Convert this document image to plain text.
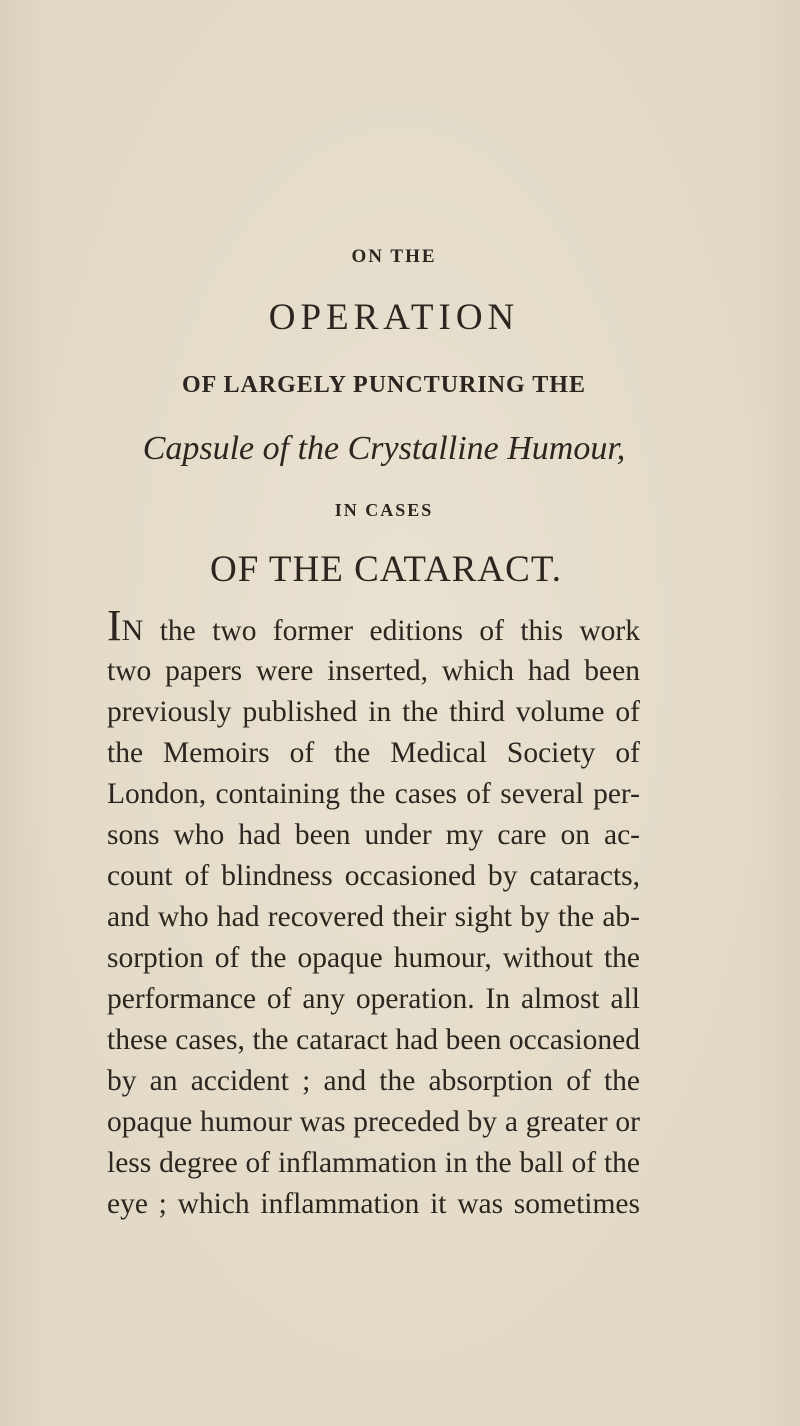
ON THE
OPERATION
OF LARGELY PUNCTURING THE
Capsule of the Crystalline Humour,
IN CASES
OF THE CATARACT.
IN the two former editions of this work
two papers were inserted, which had been
previously published in the third volume of
the Memoirs of the Medical Society of
London, containing the cases of several per-
sons who had been under my care on ac-
count of blindness occasioned by cataracts,
and who had recovered their sight by the ab-
sorption of the opaque humour, without the
performance of any operation. In almost all
these cases, the cataract had been occasioned
by an accident ; and the absorption of the
opaque humour was preceded by a greater or
less degree of inflammation in the ball of the
eye ; which inflammation it was sometimes
